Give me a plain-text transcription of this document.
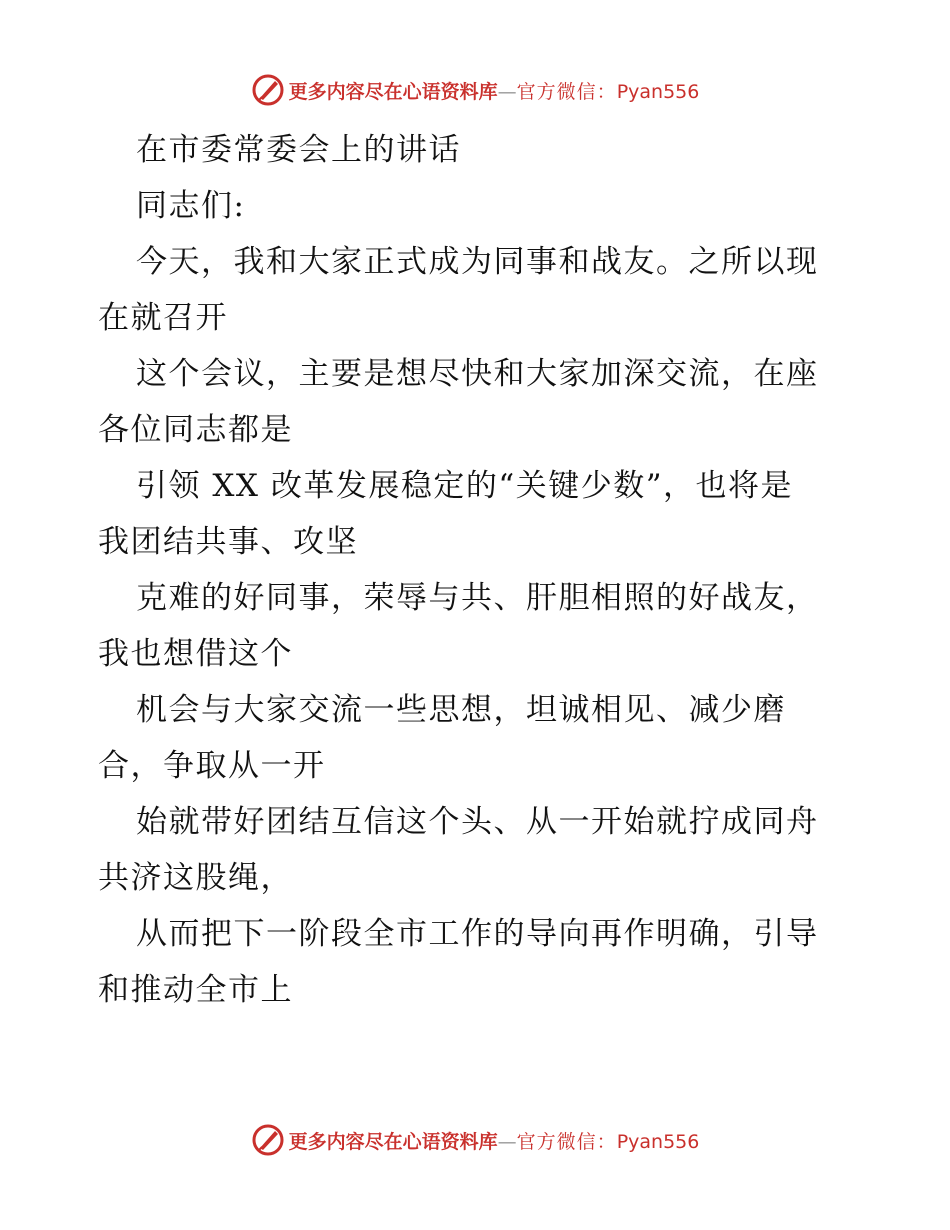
更多内容尽在心语资料库—官方微信：Pyan556
在市委常委会上的讲话
同志们:
今天，我和大家正式成为同事和战友。之所以现
在就召开
这个会议，主要是想尽快和大家加深交流，在座
各位同志都是
引领 XX 改革发展稳定的“关键少数”，也将是
我团结共事、攻坚
克难的好同事，荣辱与共、肝胆相照的好战友，
我也想借这个
机会与大家交流一些思想，坦诚相见、减少磨
合，争取从一开
始就带好团结互信这个头、从一开始就拧成同舟
共济这股绳，
从而把下一阶段全市工作的导向再作明确，引导
和推动全市上
更多内容尽在心语资料库—官方微信：Pyan556
